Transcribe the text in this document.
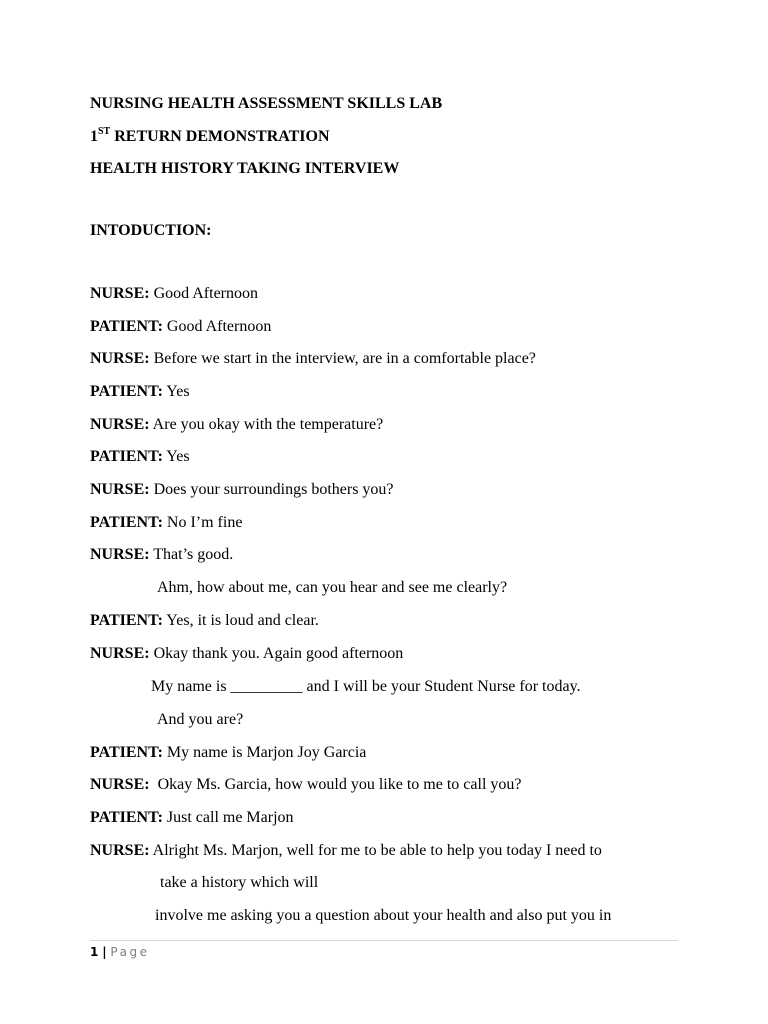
NURSING HEALTH ASSESSMENT SKILLS LAB
1ST RETURN DEMONSTRATION
HEALTH HISTORY TAKING INTERVIEW
INTODUCTION:
NURSE: Good Afternoon
PATIENT: Good Afternoon
NURSE: Before we start in the interview, are in a comfortable place?
PATIENT: Yes
NURSE: Are you okay with the temperature?
PATIENT: Yes
NURSE: Does your surroundings bothers you?
PATIENT: No I’m fine
NURSE: That’s good.
Ahm, how about me, can you hear and see me clearly?
PATIENT: Yes, it is loud and clear.
NURSE: Okay thank you. Again good afternoon
My name is _________ and I will be your Student Nurse for today.
And you are?
PATIENT: My name is Marjon Joy Garcia
NURSE:  Okay Ms. Garcia, how would you like to me to call you?
PATIENT: Just call me Marjon
NURSE: Alright Ms. Marjon, well for me to be able to help you today I need to
take a history which will
involve me asking you a question about your health and also put you in
1 | Page
